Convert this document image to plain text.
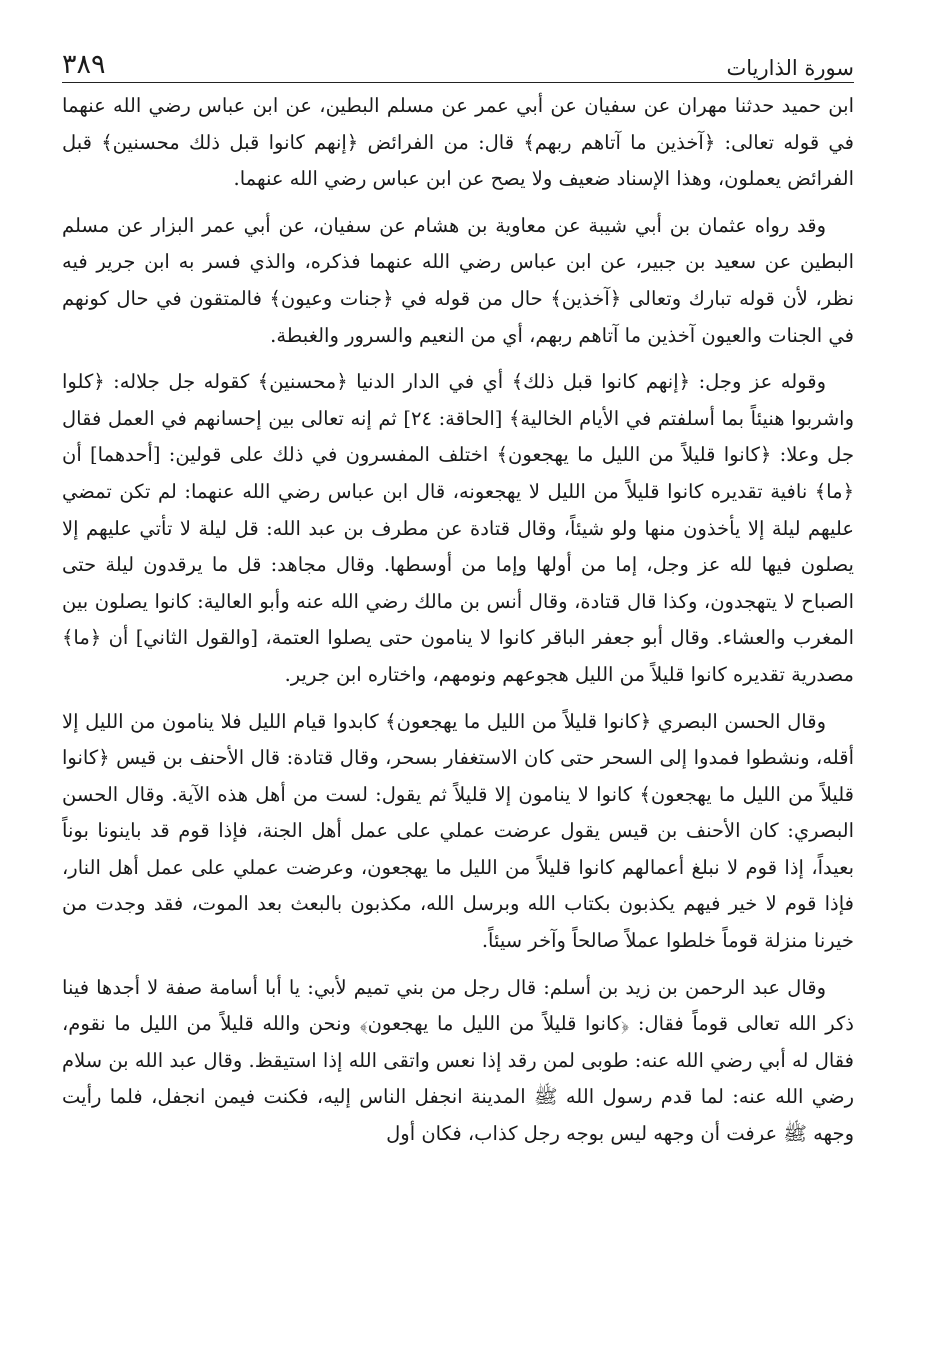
سورة الذاريات
٣٨٩

ابن حميد حدثنا مهران عن سفيان عن أبي عمر عن مسلم البطين، عن ابن عباس رضي الله عنهما في قوله تعالى: ﴿آخذين ما آتاهم ربهم﴾ قال: من الفرائض ﴿إنهم كانوا قبل ذلك محسنين﴾ قبل الفرائض يعملون، وهذا الإسناد ضعيف ولا يصح عن ابن عباس رضي الله عنهما.

وقد رواه عثمان بن أبي شيبة عن معاوية بن هشام عن سفيان، عن أبي عمر البزار عن مسلم البطين عن سعيد بن جبير، عن ابن عباس رضي الله عنهما فذكره، والذي فسر به ابن جرير فيه نظر، لأن قوله تبارك وتعالى ﴿آخذين﴾ حال من قوله في ﴿جنات وعيون﴾ فالمتقون في حال كونهم في الجنات والعيون آخذين ما آتاهم ربهم، أي من النعيم والسرور والغبطة.

وقوله عز وجل: ﴿إنهم كانوا قبل ذلك﴾ أي في الدار الدنيا ﴿محسنين﴾ كقوله جل جلاله: ﴿كلوا واشربوا هنيئاً بما أسلفتم في الأيام الخالية﴾ [الحاقة: ٢٤] ثم إنه تعالى بين إحسانهم في العمل فقال جل وعلا: ﴿كانوا قليلاً من الليل ما يهجعون﴾ اختلف المفسرون في ذلك على قولين: [أحدهما] أن ﴿ما﴾ نافية تقديره كانوا قليلاً من الليل لا يهجعونه، قال ابن عباس رضي الله عنهما: لم تكن تمضي عليهم ليلة إلا يأخذون منها ولو شيئاً، وقال قتادة عن مطرف بن عبد الله: قل ليلة لا تأتي عليهم إلا يصلون فيها لله عز وجل، إما من أولها وإما من أوسطها. وقال مجاهد: قل ما يرقدون ليلة حتى الصباح لا يتهجدون، وكذا قال قتادة، وقال أنس بن مالك رضي الله عنه وأبو العالية: كانوا يصلون بين المغرب والعشاء. وقال أبو جعفر الباقر كانوا لا ينامون حتى يصلوا العتمة، [والقول الثاني] أن ﴿ما﴾ مصدرية تقديره كانوا قليلاً من الليل هجوعهم ونومهم، واختاره ابن جرير.

وقال الحسن البصري ﴿كانوا قليلاً من الليل ما يهجعون﴾ كابدوا قيام الليل فلا ينامون من الليل إلا أقله، ونشطوا فمدوا إلى السحر حتى كان الاستغفار بسحر، وقال قتادة: قال الأحنف بن قيس ﴿كانوا قليلاً من الليل ما يهجعون﴾ كانوا لا ينامون إلا قليلاً ثم يقول: لست من أهل هذه الآية. وقال الحسن البصري: كان الأحنف بن قيس يقول عرضت عملي على عمل أهل الجنة، فإذا قوم قد باينونا بوناً بعيداً، إذا قوم لا نبلغ أعمالهم كانوا قليلاً من الليل ما يهجعون، وعرضت عملي على عمل أهل النار، فإذا قوم لا خير فيهم يكذبون بكتاب الله وبرسل الله، مكذبون بالبعث بعد الموت، فقد وجدت من خيرنا منزلة قوماً خلطوا عملاً صالحاً وآخر سيئاً.

وقال عبد الرحمن بن زيد بن أسلم: قال رجل من بني تميم لأبي: يا أبا أسامة صفة لا أجدها فينا ذكر الله تعالى قوماً فقال: ﴿كانوا قليلاً من الليل ما يهجعون﴾ ونحن والله قليلاً من الليل ما نقوم، فقال له أبي رضي الله عنه: طوبى لمن رقد إذا نعس واتقى الله إذا استيقظ. وقال عبد الله بن سلام رضي الله عنه: لما قدم رسول الله ﷺ المدينة انجفل الناس إليه، فكنت فيمن انجفل، فلما رأيت وجهه ﷺ عرفت أن وجهه ليس بوجه رجل كذاب، فكان أول
